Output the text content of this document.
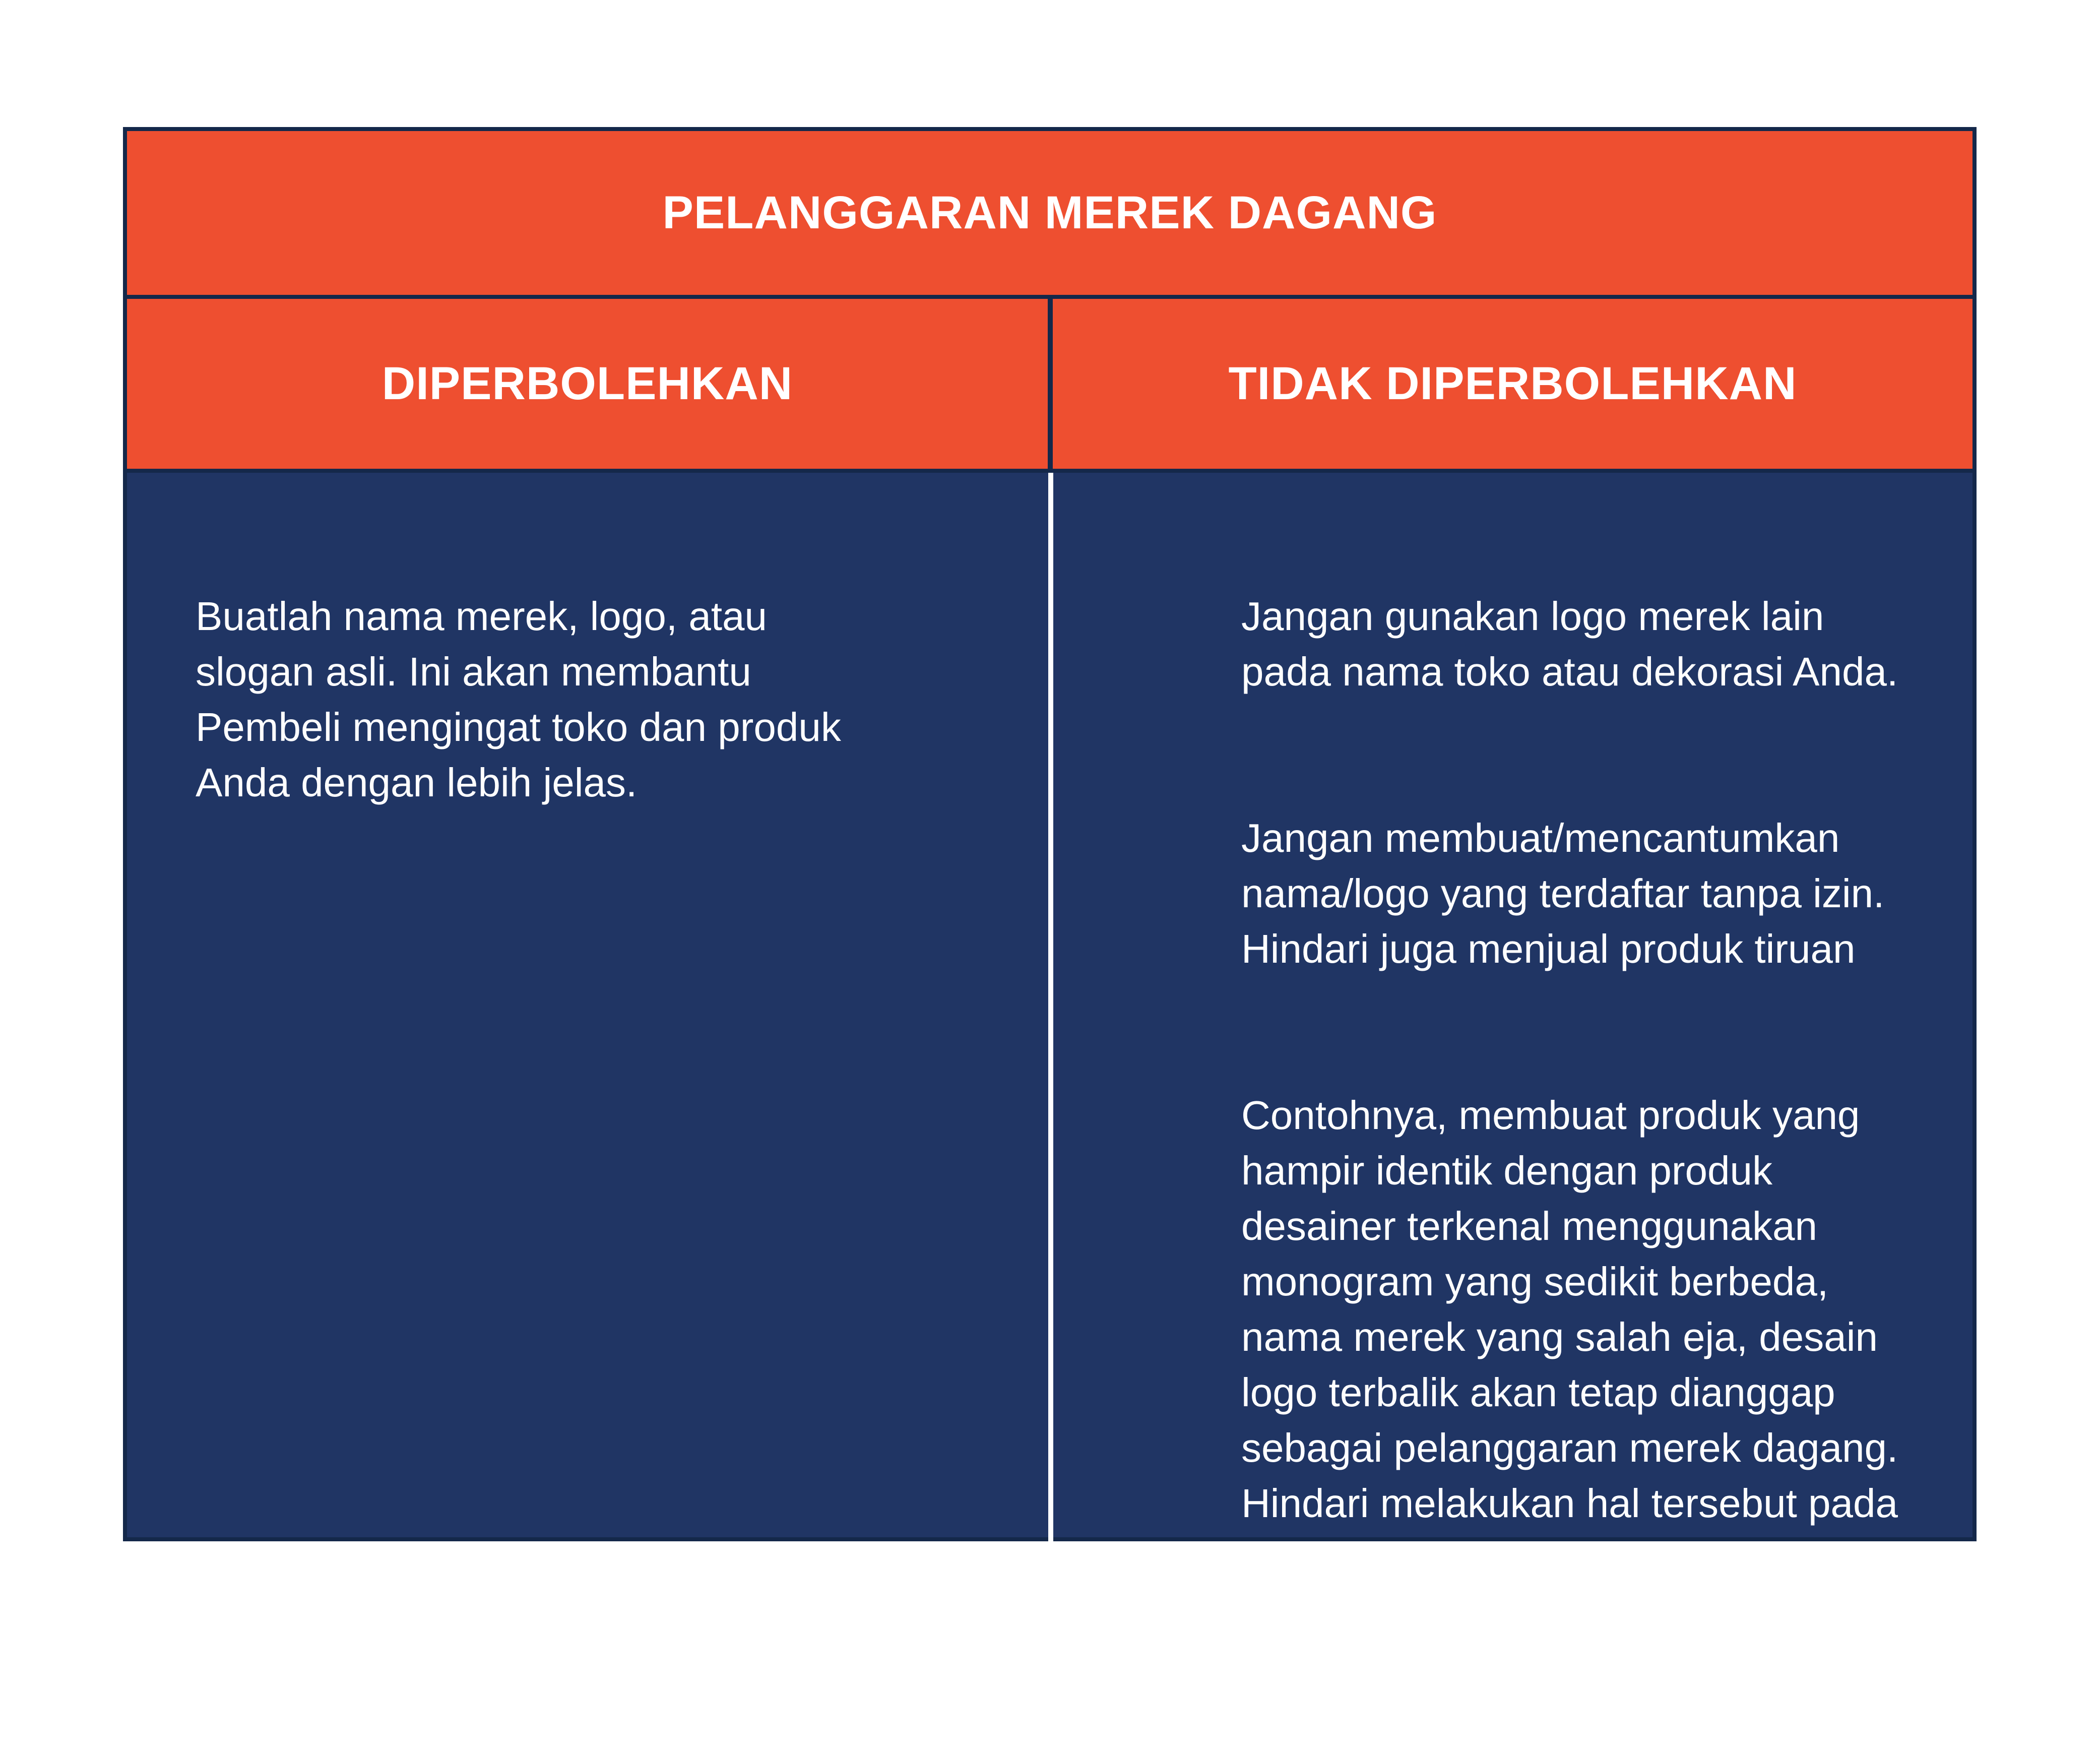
PELANGGARAN MEREK DAGANG
DIPERBOLEHKAN	TIDAK DIPERBOLEHKAN

Buatlah nama merek, logo, atau
slogan asli. Ini akan membantu
Pembeli mengingat toko dan produk
Anda dengan lebih jelas.

Jangan gunakan logo merek lain
pada nama toko atau dekorasi Anda.

Jangan membuat/mencantumkan
nama/logo yang terdaftar tanpa izin.
Hindari juga menjual produk tiruan

Contohnya, membuat produk yang
hampir identik dengan produk
desainer terkenal menggunakan
monogram yang sedikit berbeda,
nama merek yang salah eja, desain
logo terbalik akan tetap dianggap
sebagai pelanggaran merek dagang.
Hindari melakukan hal tersebut pada
daftar produk atau di dekorasi
toko Anda.
